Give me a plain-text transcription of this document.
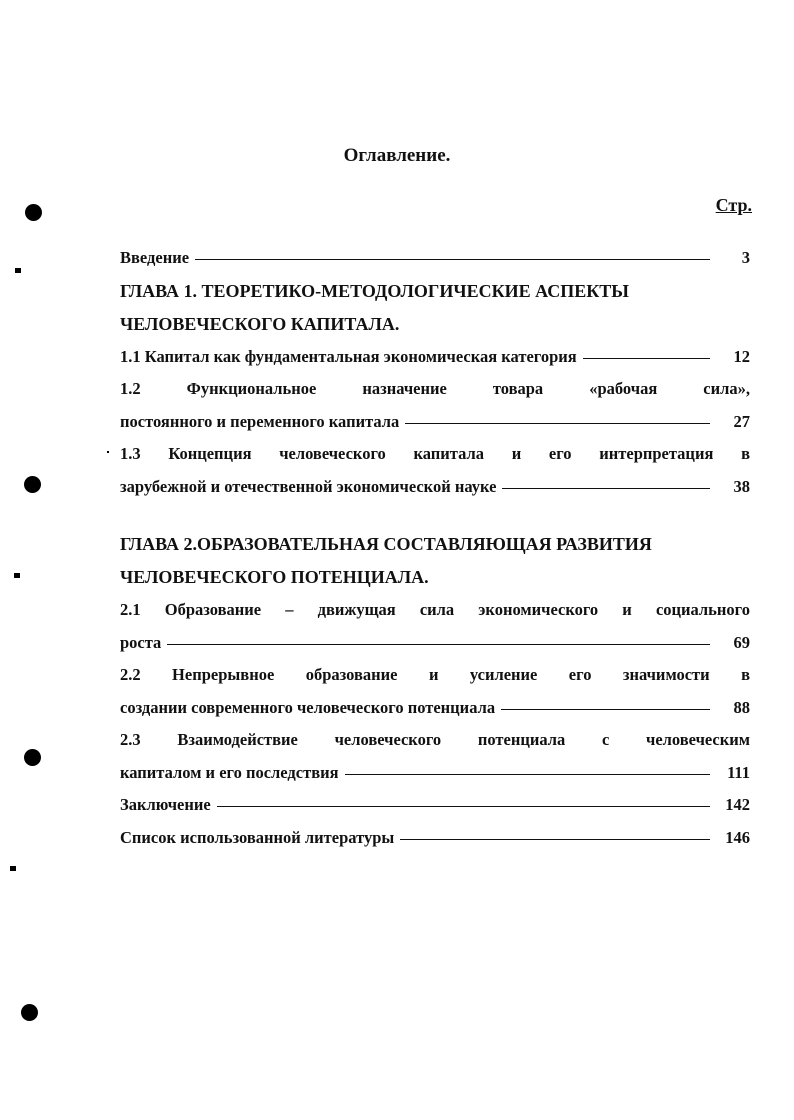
Оглавление.
Стр.
Введение	3
ГЛАВА 1. ТЕОРЕТИКО-МЕТОДОЛОГИЧЕСКИЕ АСПЕКТЫ
ЧЕЛОВЕЧЕСКОГО КАПИТАЛА.
1.1 Капитал как фундаментальная экономическая категория	12
1.2 Функциональное назначение товара «рабочая сила»,
постоянного и переменного капитала	27
1.3 Концепция человеческого капитала и его интерпретация в
зарубежной и отечественной экономической науке	38
ГЛАВА 2.ОБРАЗОВАТЕЛЬНАЯ СОСТАВЛЯЮЩАЯ РАЗВИТИЯ
ЧЕЛОВЕЧЕСКОГО ПОТЕНЦИАЛА.
2.1 Образование – движущая сила экономического и социального
роста	69
2.2 Непрерывное образование и усиление его значимости в
создании современного человеческого потенциала	88
2.3 Взаимодействие человеческого потенциала с человеческим
капиталом и его последствия	111
Заключение	142
Список использованной литературы	146
